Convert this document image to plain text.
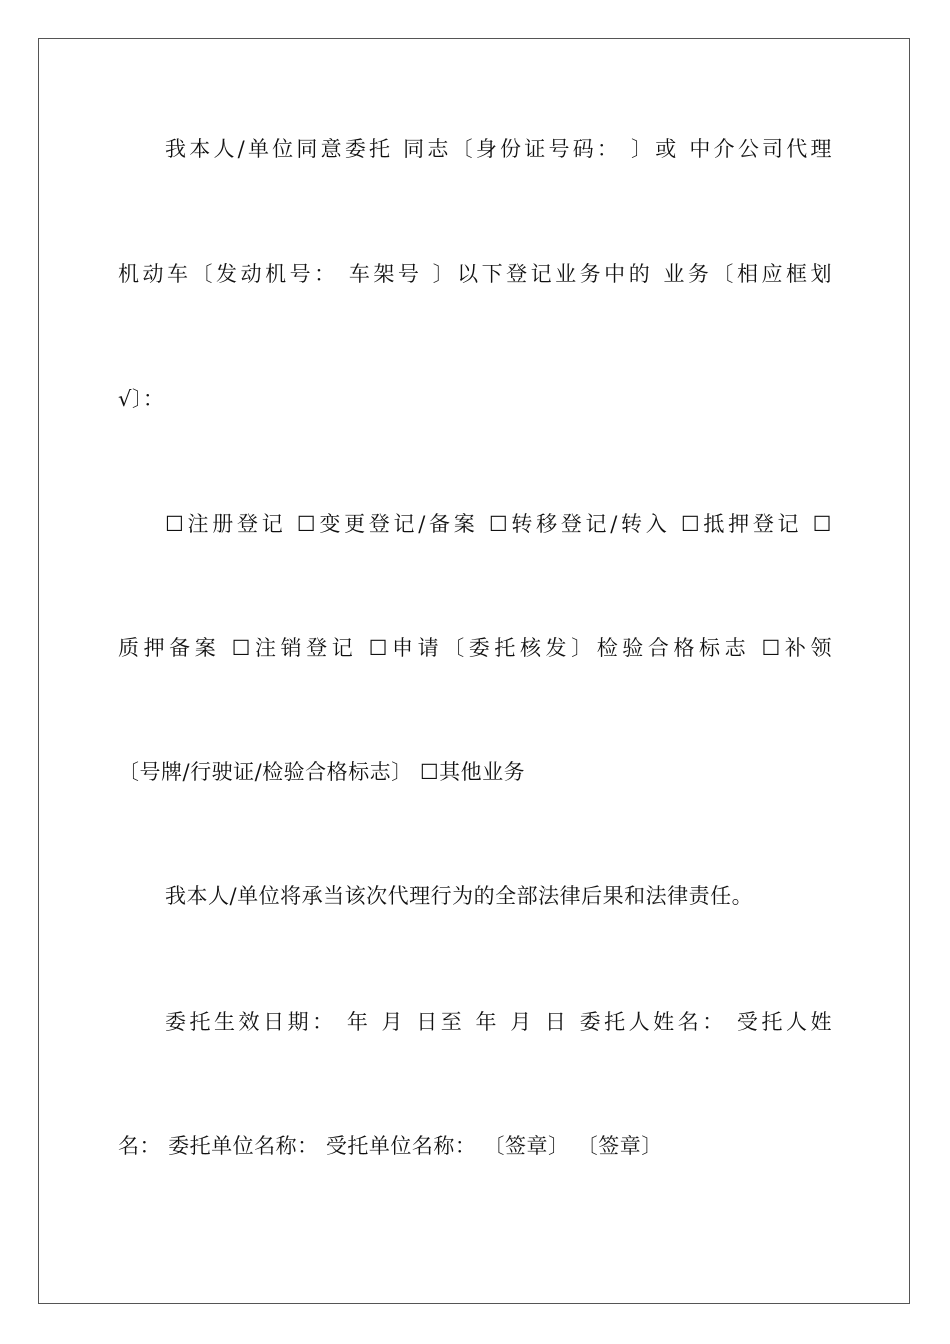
我本人/单位同意委托 同志〔身份证号码： 〕或 中介公司代理
机动车〔发动机号： 车架号 〕以下登记业务中的 业务〔相应框划
√〕：
☐注册登记 ☐变更登记/备案 ☐转移登记/转入 ☐抵押登记 ☐
质押备案 ☐注销登记 ☐申请〔委托核发〕检验合格标志 ☐补领
〔号牌/行驶证/检验合格标志〕 ☐其他业务
我本人/单位将承当该次代理行为的全部法律后果和法律责任。
委托生效日期： 年 月 日至 年 月 日 委托人姓名： 受托人姓
名： 委托单位名称： 受托单位名称： 〔签章〕 〔签章〕
